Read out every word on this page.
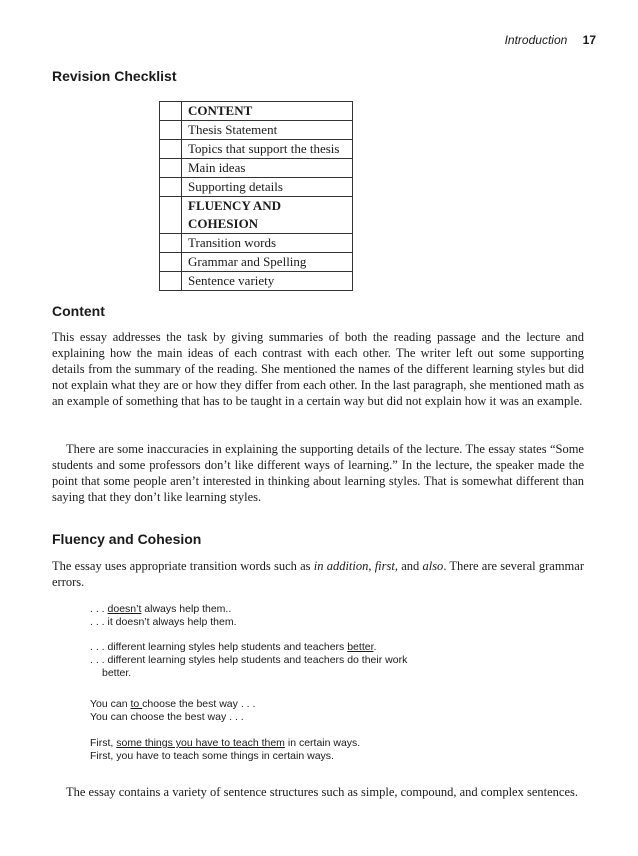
Introduction 17
Revision Checklist
	CONTENT
	Thesis Statement
	Topics that support the thesis
	Main ideas
	Supporting details
	FLUENCY AND COHESION
	Transition words
	Grammar and Spelling
	Sentence variety
Content

This essay addresses the task by giving summaries of both the reading passage and the lecture and explaining how the main ideas of each contrast with each other. The writer left out some supporting details from the summary of the reading. She mentioned the names of the different learning styles but did not explain what they are or how they differ from each other. In the last paragraph, she mentioned math as an example of something that has to be taught in a certain way but did not explain how it was an example.

There are some inaccuracies in explaining the supporting details of the lecture. The essay states “Some students and some professors don’t like different ways of learning.” In the lecture, the speaker made the point that some people aren’t interested in thinking about learning styles. That is somewhat different than saying that they don’t like learning styles.

Fluency and Cohesion

The essay uses appropriate transition words such as in addition, first, and also. There are several grammar errors.

. . . doesn’t always help them..
. . . it doesn’t always help them.
. . . different learning styles help students and teachers better.
. . . different learning styles help students and teachers do their work
better.
You can to choose the best way . . .
You can choose the best way . . .
First, some things you have to teach them in certain ways.
First, you have to teach some things in certain ways.

The essay contains a variety of sentence structures such as simple, compound, and complex sentences.
